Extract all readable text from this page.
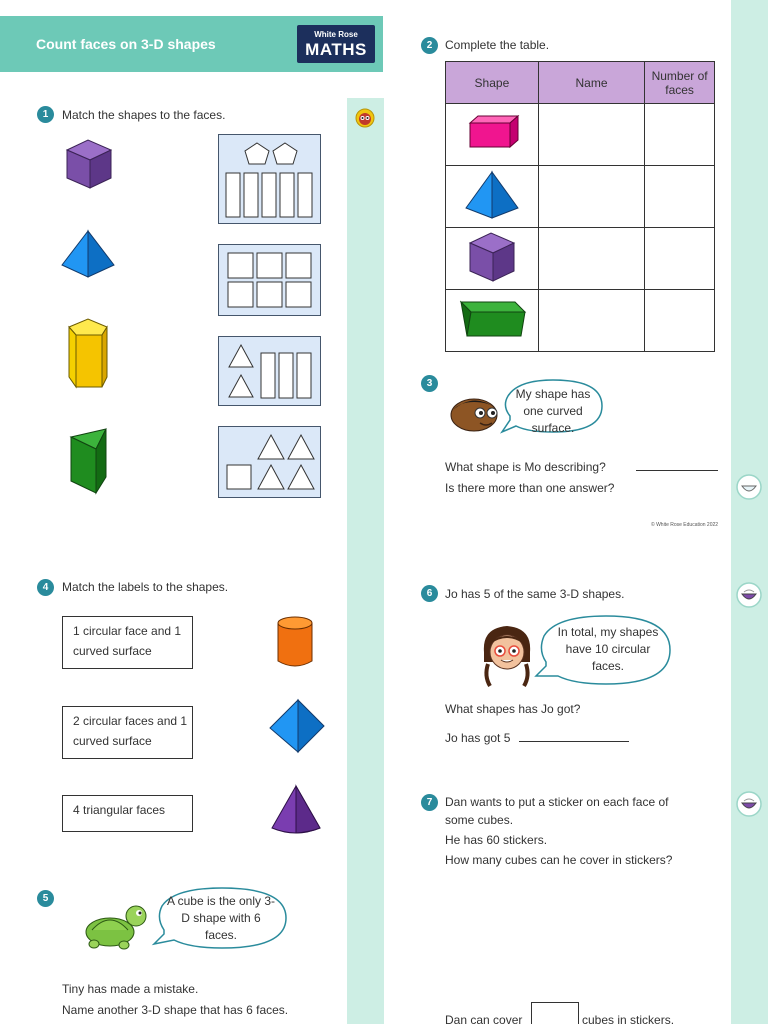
Count faces on 3-D shapes
White Rose
MATHS
1	Match the shapes to the faces.
2	Complete the table.
Shape	Name	Number of faces

3
My shape has one curved surface.
What shape is Mo describing?
Is there more than one answer?
© White Rose Education 2022
4	Match the labels to the shapes.
1 circular face and 1 curved surface
2 circular faces and 1 curved surface
4 triangular faces
5	A cube is the only 3-D shape with 6 faces.
Tiny has made a mistake.
Name another 3-D shape that has 6 faces.
6	Jo has 5 of the same 3-D shapes.
In total, my shapes have 10 circular faces.
What shapes has Jo got?
Jo has got 5
7	Dan wants to put a sticker on each face of
some cubes.
He has 60 stickers.
How many cubes can he cover in stickers?
Dan can cover	cubes in stickers.
